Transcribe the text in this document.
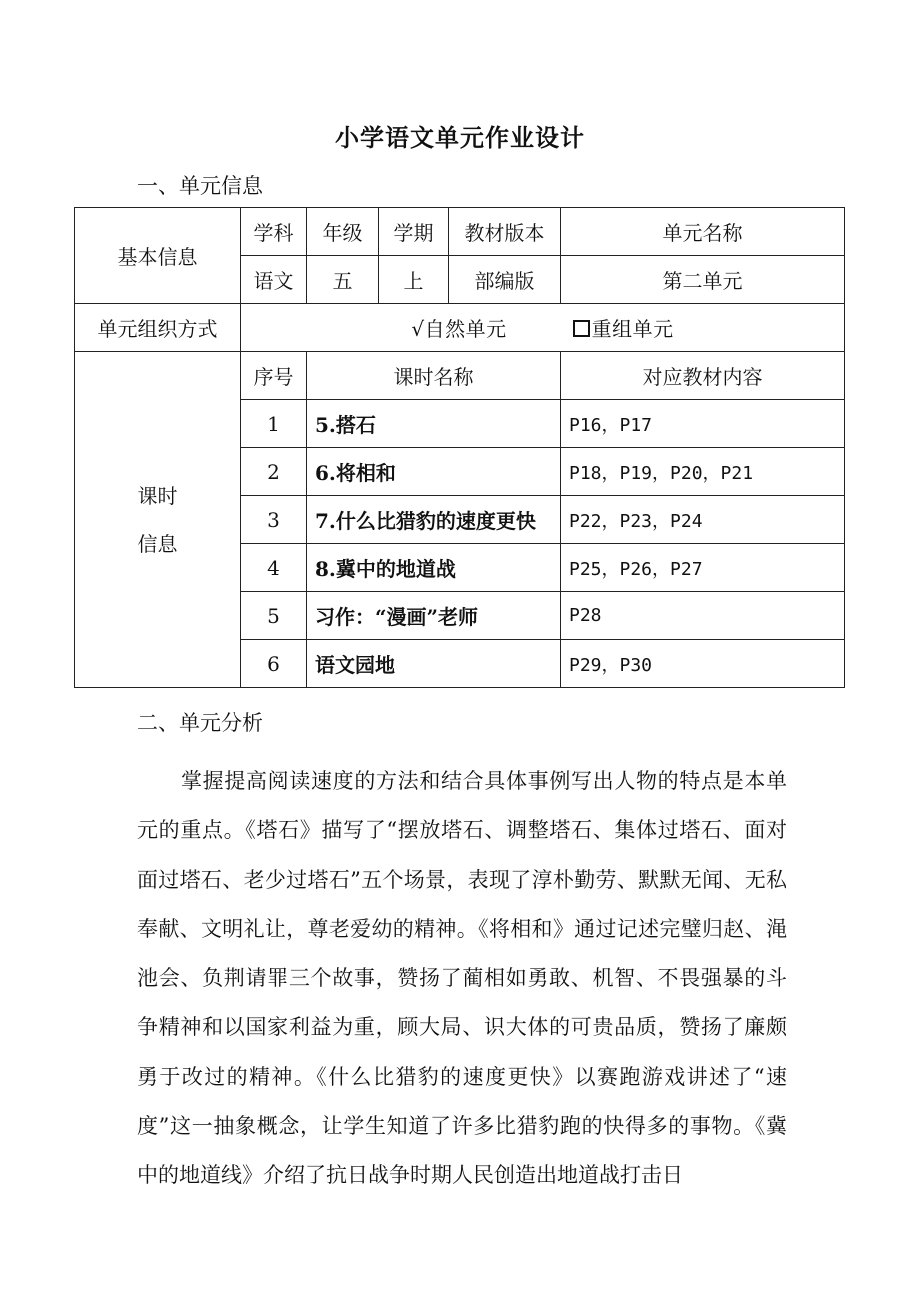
小学语文单元作业设计
一、单元信息
基本信息	学科	年级	学期	教材版本	单元名称
	语文	五	上	部编版	第二单元
单元组织方式	√自然单元 重组单元				
课时
信息	序号	课时名称			对应教材内容
	1	5.搭石			P16，P17
	2	6.将相和			P18，P19，P20，P21
	3	7.什么比猎豹的速度更快			P22，P23，P24
	4	8.冀中的地道战			P25，P26，P27
	5	习作：“漫画”老师			P28
	6	语文园地			P29，P30
二、单元分析
掌握提高阅读速度的方法和结合具体事例写出人物的特点是本单元的重点。《塔石》描写了“摆放塔石、调整塔石、集体过塔石、面对面过塔石、老少过塔石”五个场景，表现了淳朴勤劳、默默无闻、无私奉献、文明礼让，尊老爱幼的精神。《将相和》通过记述完璧归赵、渑池会、负荆请罪三个故事，赞扬了蔺相如勇敢、机智、不畏强暴的斗争精神和以国家利益为重，顾大局、识大体的可贵品质，赞扬了廉颇勇于改过的精神。《什么比猎豹的速度更快》以赛跑游戏讲述了“速度”这一抽象概念，让学生知道了许多比猎豹跑的快得多的事物。《冀中的地道线》介绍了抗日战争时期人民创造出地道战打击日
